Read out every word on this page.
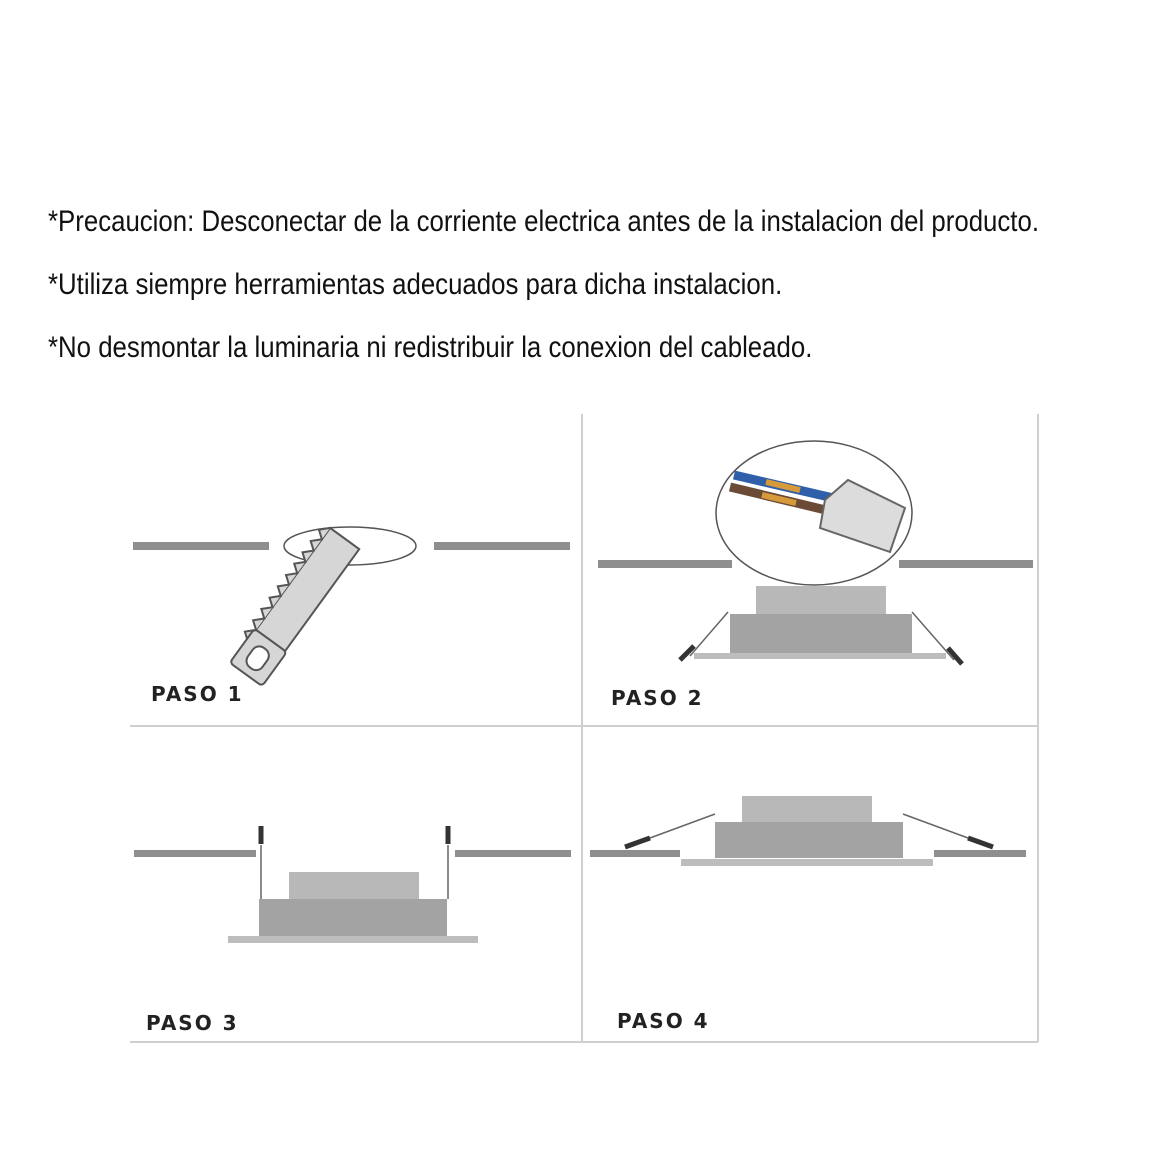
*Precaucion: Desconectar de la corriente electrica antes de la instalacion del producto.
*Utiliza siempre herramientas adecuados para dicha instalacion.
*No desmontar la luminaria ni redistribuir la conexion del cableado.
PASO 1	PASO 2
PASO 3	PASO 4
